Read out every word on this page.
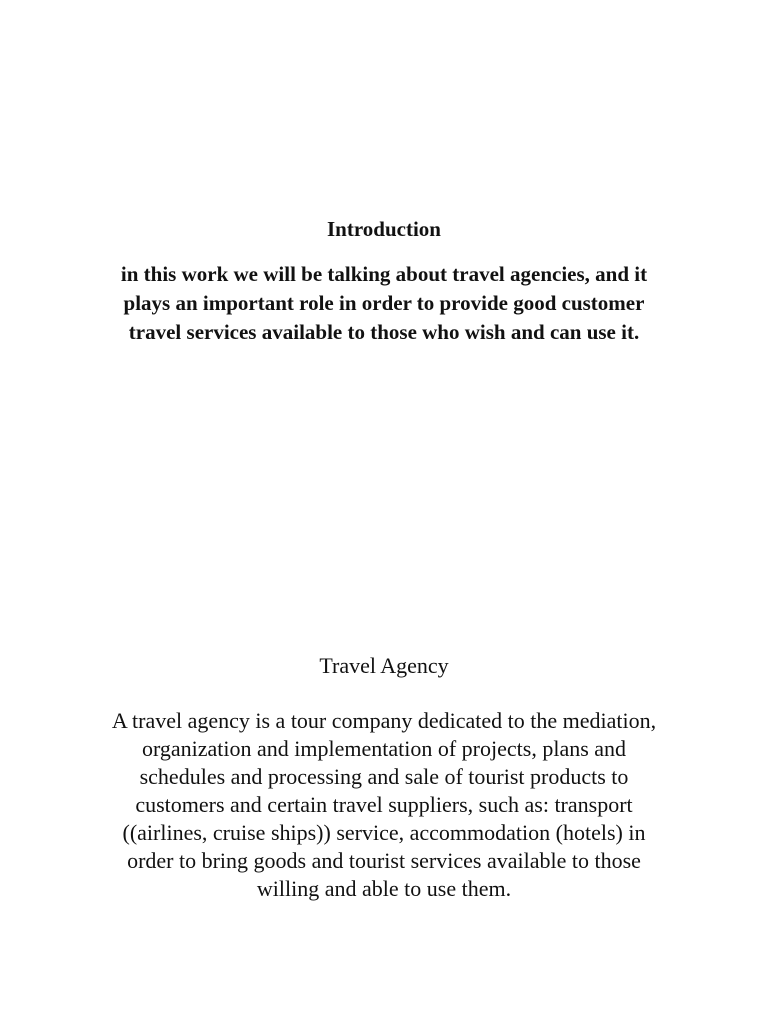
Introduction

in this work we will be talking about travel agencies, and it plays an important role in order to provide good customer travel services available to those who wish and can use it.

Travel Agency

A travel agency is a tour company dedicated to the mediation, organization and implementation of projects, plans and schedules and processing and sale of tourist products to customers and certain travel suppliers, such as: transport ((airlines, cruise ships)) service, accommodation (hotels) in order to bring goods and tourist services available to those willing and able to use them.
